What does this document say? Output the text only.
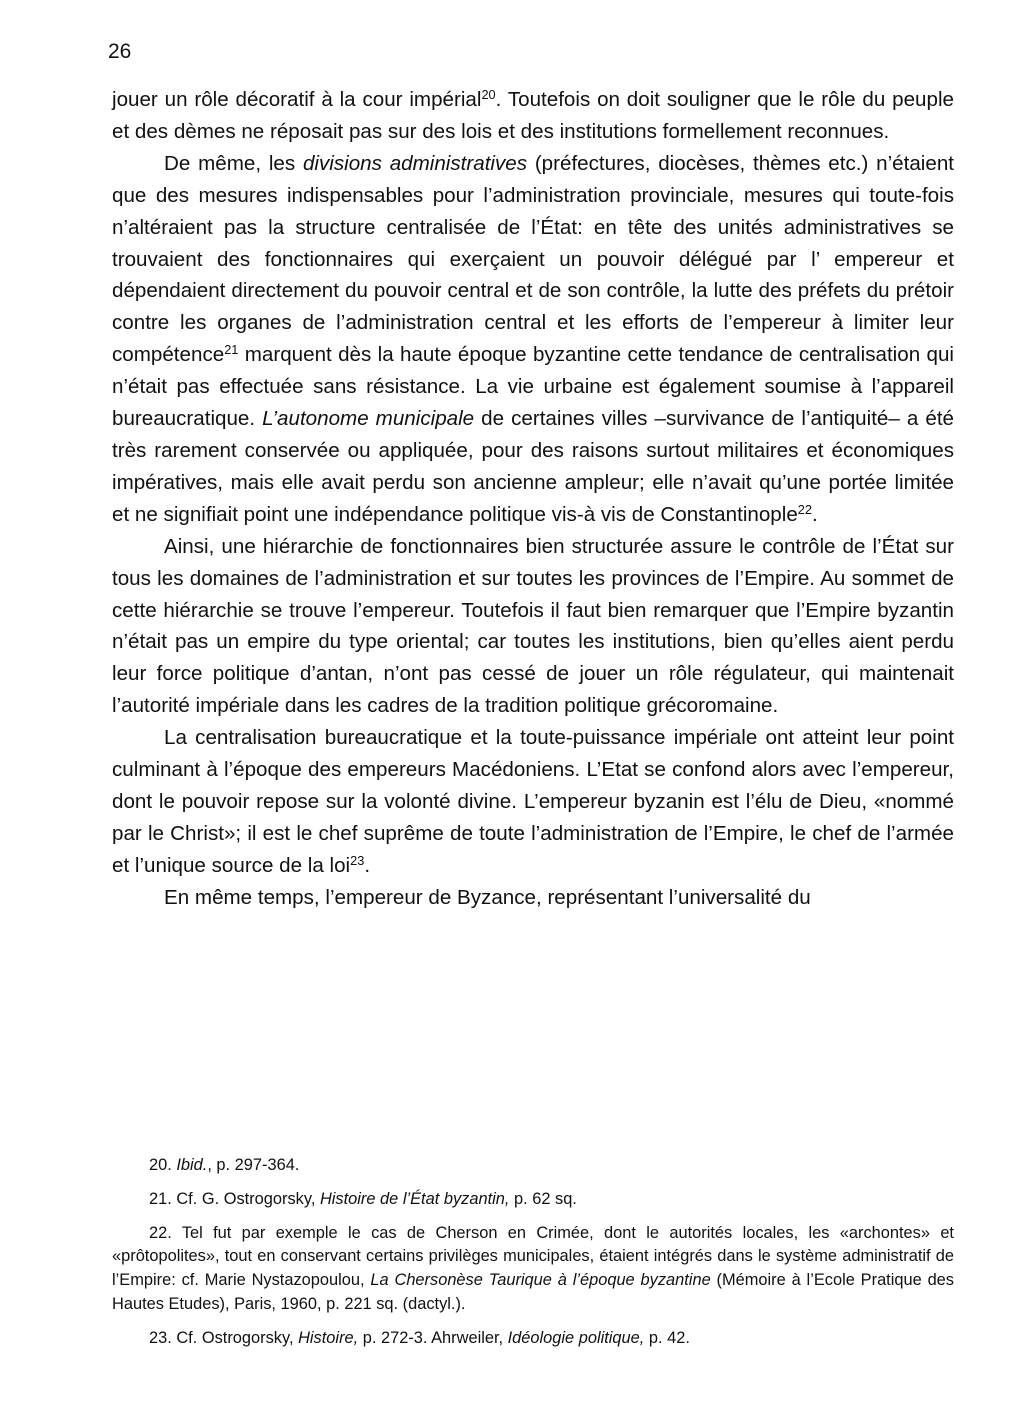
26

jouer un rôle décoratif à la cour impérial$^{20}$. Toutefois on doit souligner que le rôle du peuple et des dèmes ne réposait pas sur des lois et des institutions formellement reconnues.

De même, les divisions administratives (préfectures, diocèses, thèmes etc.) n’étaient que des mesures indispensables pour l’administration provinciale, mesures qui toute-fois n’altéraient pas la structure centralisée de l’État: en tête des unités administratives se trouvaient des fonctionnaires qui exerçaient un pouvoir délégué par l’ empereur et dépendaient directement du pouvoir central et de son contrôle, la lutte des préfets du prétoir contre les organes de l’administration central et les efforts de l’empereur à limiter leur compétence$^{21}$ marquent dès la haute époque byzantine cette tendance de centralisation qui n’était pas effectuée sans résistance. La vie urbaine est également soumise à l’appareil bureaucratique. L’autonome municipale de certaines villes –survivance de l’antiquité– a été très rarement conservée ou appliquée, pour des raisons surtout militaires et économiques impératives, mais elle avait perdu son ancienne ampleur; elle n’avait qu’une portée limitée et ne signifiait point une indépendance politique vis-à vis de Constantinople$^{22}$.

Ainsi, une hiérarchie de fonctionnaires bien structurée assure le contrôle de l’État sur tous les domaines de l’administration et sur toutes les provinces de l’Empire. Au sommet de cette hiérarchie se trouve l’empereur. Toutefois il faut bien remarquer que l’Empire byzantin n’était pas un empire du type oriental; car toutes les institutions, bien qu’elles aient perdu leur force politique d’antan, n’ont pas cessé de jouer un rôle régulateur, qui maintenait l’autorité impériale dans les cadres de la tradition politique grécoromaine.

La centralisation bureaucratique et la toute-puissance impériale ont atteint leur point culminant à l’époque des empereurs Macédoniens. L’Etat se confond alors avec l’empereur, dont le pouvoir repose sur la volonté divine. L’empereur byzanin est l’élu de Dieu, «nommé par le Christ»; il est le chef suprême de toute l’administration de l’Empire, le chef de l’armée et l’unique source de la loi$^{23}$.

En même temps, l’empereur de Byzance, représentant l’universalité du

20. Ibid., p. 297-364.

21. Cf. G. Ostrogorsky, Histoire de l’État byzantin, p. 62 sq.

22. Tel fut par exemple le cas de Cherson en Crimée, dont le autorités locales, les «archontes» et «prôtopolites», tout en conservant certains privilèges municipales, étaient intégrés dans le système administratif de l’Empire: cf. Marie Nystazopoulou, La Chersonèse Taurique à l’époque byzantine (Mémoire à l’Ecole Pratique des Hautes Etudes), Paris, 1960, p. 221 sq. (dactyl.).

23. Cf. Ostrogorsky, Histoire, p. 272-3. Ahrweiler, Idéologie politique, p. 42.
